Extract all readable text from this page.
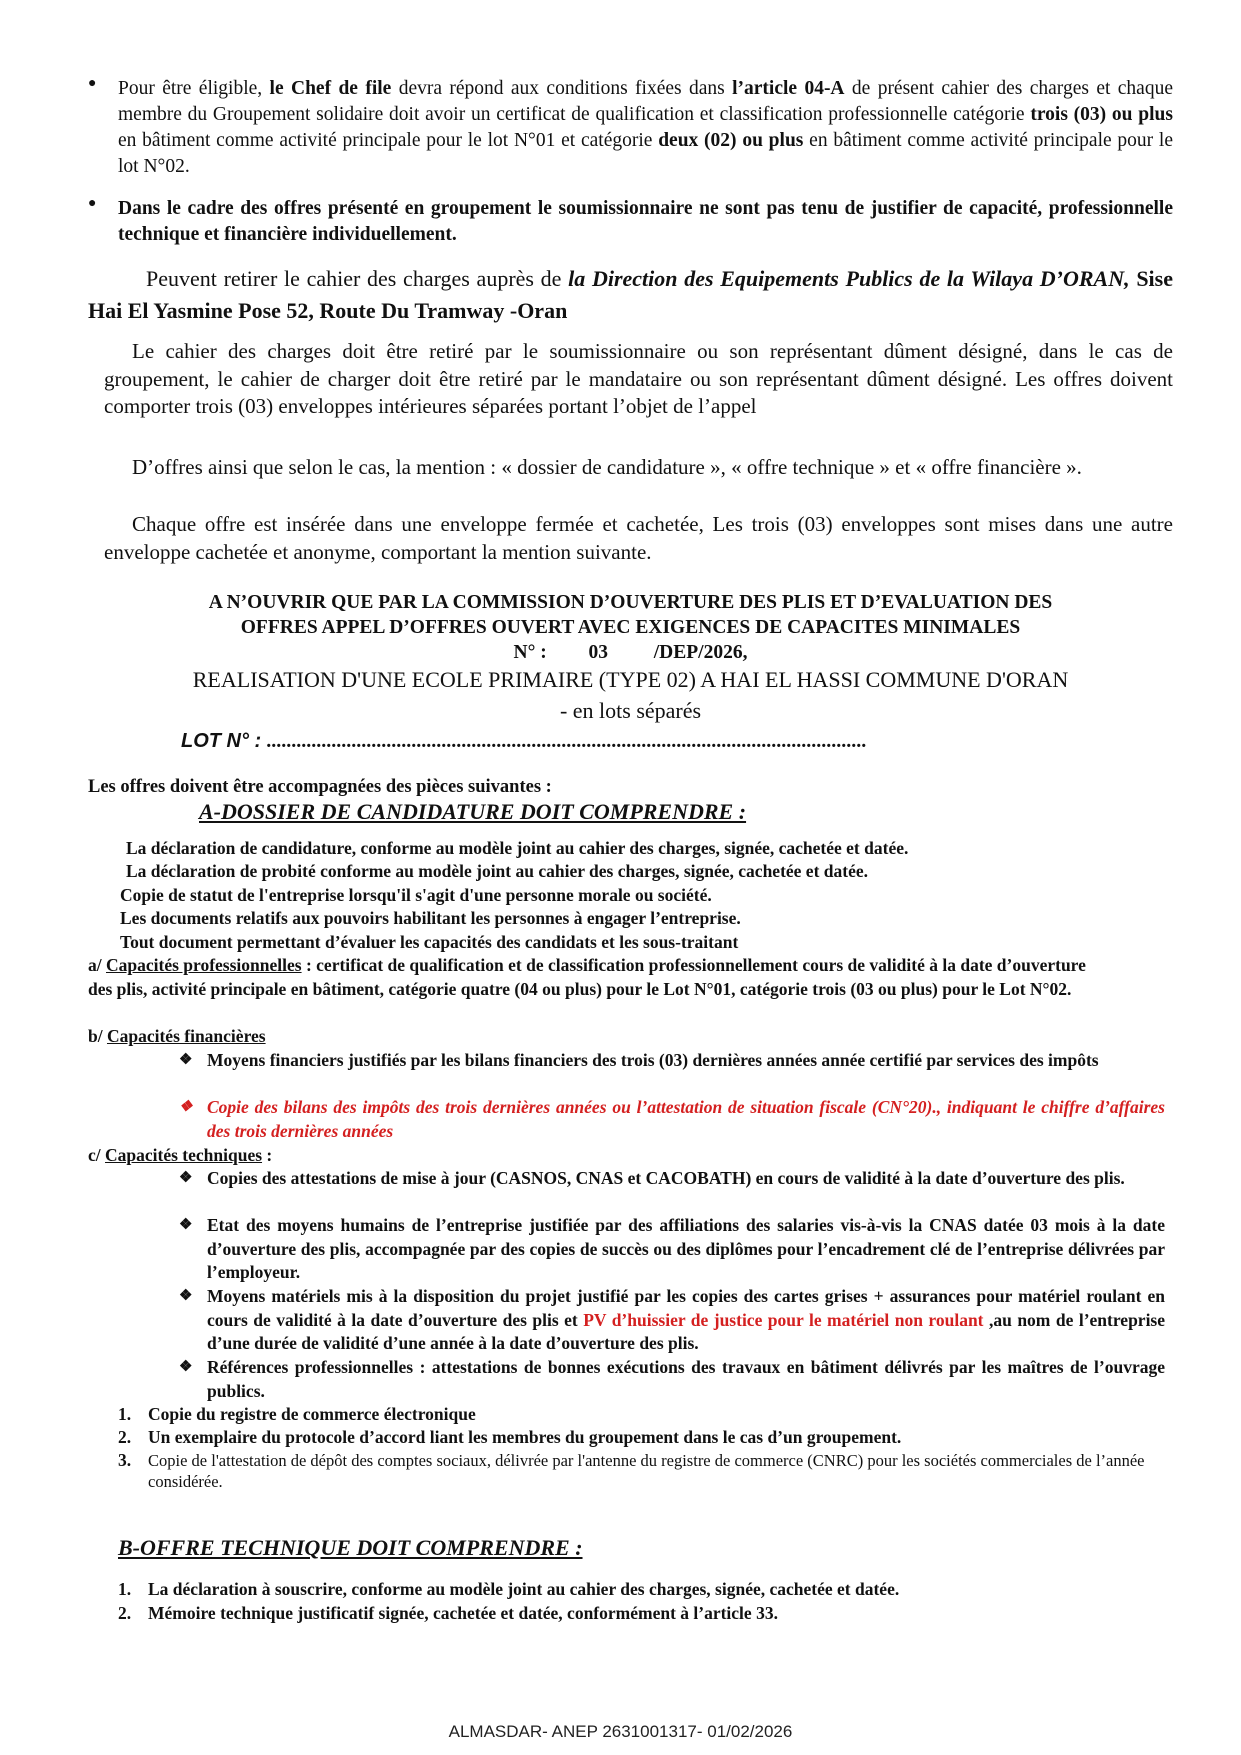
● Pour être éligible, le Chef de file devra répond aux conditions fixées dans l’article 04-A de présent cahier des charges et chaque membre du Groupement solidaire doit avoir un certificat de qualification et classification professionnelle catégorie trois (03) ou plus en bâtiment comme activité principale pour le lot N°01 et catégorie deux (02) ou plus en bâtiment comme activité principale pour le lot N°02.
● Dans le cadre des offres présenté en groupement le soumissionnaire ne sont pas tenu de justifier de capacité, professionnelle technique et financière individuellement.
Peuvent retirer le cahier des charges auprès de la Direction des Equipements Publics de la Wilaya D’ORAN, Sise Hai El Yasmine Pose 52, Route Du Tramway -Oran
Le cahier des charges doit être retiré par le soumissionnaire ou son représentant dûment désigné, dans le cas de groupement, le cahier de charger doit être retiré par le mandataire ou son représentant dûment désigné. Les offres doivent comporter trois (03) enveloppes intérieures séparées portant l’objet de l’appel
D’offres ainsi que selon le cas, la mention : « dossier de candidature », « offre technique » et « offre financière ».
Chaque offre est insérée dans une enveloppe fermée et cachetée, Les trois (03) enveloppes sont mises dans une autre enveloppe cachetée et anonyme, comportant la mention suivante.
A N’OUVRIR QUE PAR LA COMMISSION D’OUVERTURE DES PLIS ET D’EVALUATION DES
OFFRES APPEL D’OFFRES OUVERT AVEC EXIGENCES DE CAPACITES MINIMALES
N° : 03 /DEP/2026,
REALISATION D'UNE ECOLE PRIMAIRE (TYPE 02) A HAI EL HASSI COMMUNE D'ORAN
- en lots séparés
LOT N° : ........................................................................................................................
Les offres doivent être accompagnées des pièces suivantes :
A-DOSSIER DE CANDIDATURE DOIT COMPRENDRE :
La déclaration de candidature, conforme au modèle joint au cahier des charges, signée, cachetée et datée.
La déclaration de probité conforme au modèle joint au cahier des charges, signée, cachetée et datée.
Copie de statut de l'entreprise lorsqu'il s'agit d'une personne morale ou société.
Les documents relatifs aux pouvoirs habilitant les personnes à engager l’entreprise.
Tout document permettant d’évaluer les capacités des candidats et les sous-traitant
a/ Capacités professionnelles : certificat de qualification et de classification professionnellement cours de validité à la date d’ouverture des plis, activité principale en bâtiment, catégorie quatre (04 ou plus) pour le Lot N°01, catégorie trois (03 ou plus) pour le Lot N°02.
b/ Capacités financières
❖ Moyens financiers justifiés par les bilans financiers des trois (03) dernières années année certifié par services des impôts
❖ Copie des bilans des impôts des trois dernières années ou l’attestation de situation fiscale (CN°20)., indiquant le chiffre d’affaires des trois dernières années
c/ Capacités techniques :
❖ Copies des attestations de mise à jour (CASNOS, CNAS et CACOBATH) en cours de validité à la date d’ouverture des plis.
❖ Etat des moyens humains de l’entreprise justifiée par des affiliations des salaries vis-à-vis la CNAS datée 03 mois à la date d’ouverture des plis, accompagnée par des copies de succès ou des diplômes pour l’encadrement clé de l’entreprise délivrées par l’employeur.
❖ Moyens matériels mis à la disposition du projet justifié par les copies des cartes grises + assurances pour matériel roulant en cours de validité à la date d’ouverture des plis et PV d’huissier de justice pour le matériel non roulant ,au nom de l’entreprise d’une durée de validité d’une année à la date d’ouverture des plis.
❖ Références professionnelles : attestations de bonnes exécutions des travaux en bâtiment délivrés par les maîtres de l’ouvrage publics.
1. Copie du registre de commerce électronique
2. Un exemplaire du protocole d’accord liant les membres du groupement dans le cas d’un groupement.
3.	Copie de l'attestation de dépôt des comptes sociaux, délivrée par l'antenne du registre de commerce (CNRC) pour les sociétés commerciales de l’année considérée.
B-OFFRE TECHNIQUE DOIT COMPRENDRE :
1. La déclaration à souscrire, conforme au modèle joint au cahier des charges, signée, cachetée et datée.
2. Mémoire technique justificatif signée, cachetée et datée, conformément à l’article 33.
ALMASDAR- ANEP 2631001317- 01/02/2026
